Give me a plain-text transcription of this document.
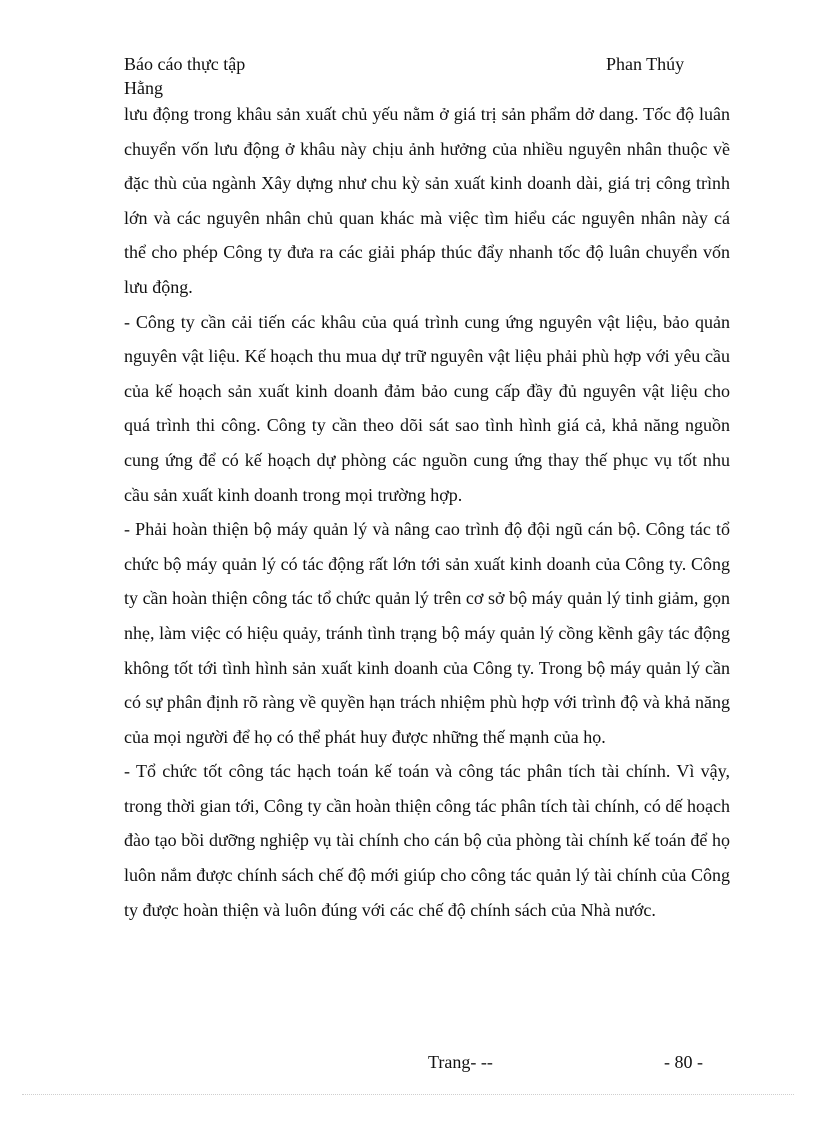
Báo cáo thực tập	Phan Thúy
Hằng

lưu động trong khâu sản xuất chủ yếu nằm ở giá trị sản phẩm dở dang. Tốc độ luân chuyển vốn lưu động ở khâu này chịu ảnh hưởng của nhiều nguyên nhân thuộc về đặc thù của ngành Xây dựng như chu kỳ sản xuất kinh doanh dài, giá trị công trình lớn và các nguyên nhân chủ quan khác mà việc tìm hiểu các nguyên nhân này cá thể cho phép Công ty đưa ra các giải pháp thúc đẩy nhanh tốc độ luân chuyển vốn lưu động.

- Công ty cần cải tiến các khâu của quá trình cung ứng nguyên vật liệu, bảo quản nguyên vật liệu. Kế hoạch thu mua dự trữ nguyên vật liệu phải phù hợp với yêu cầu của kế hoạch sản xuất kinh doanh đảm bảo cung cấp đầy đủ nguyên vật liệu cho quá trình thi công. Công ty cần theo dõi sát sao tình hình giá cả, khả năng nguồn cung ứng để có kế hoạch dự phòng các nguồn cung ứng thay thế phục vụ tốt nhu cầu sản xuất kinh doanh trong mọi trường hợp.

- Phải hoàn thiện bộ máy quản lý và nâng cao trình độ đội ngũ cán bộ. Công tác tổ chức bộ máy quản lý có tác động rất lớn tới sản xuất kinh doanh của Công ty. Công ty cần hoàn thiện công tác tổ chức quản lý trên cơ sở bộ máy quản lý tinh giảm, gọn nhẹ, làm việc có hiệu quảy, tránh tình trạng bộ máy quản lý cồng kềnh gây tác động không tốt tới tình hình sản xuất kinh doanh của Công ty. Trong bộ máy quản lý cần có sự phân định rõ ràng về quyền hạn trách nhiệm phù hợp với trình độ và khả năng của mọi người để họ có thể phát huy được những thế mạnh của họ.

- Tổ chức tốt công tác hạch toán kế toán và công tác phân tích tài chính. Vì vậy, trong thời gian tới, Công ty cần hoàn thiện công tác phân tích tài chính, có dế hoạch đào tạo bồi dưỡng nghiệp vụ tài chính cho cán bộ của phòng tài chính kế toán để họ luôn nắm được chính sách chế độ mới giúp cho công tác quản lý tài chính của Công ty được hoàn thiện và luôn đúng với các chế độ chính sách của Nhà nước.

Trang- --	- 80 -
